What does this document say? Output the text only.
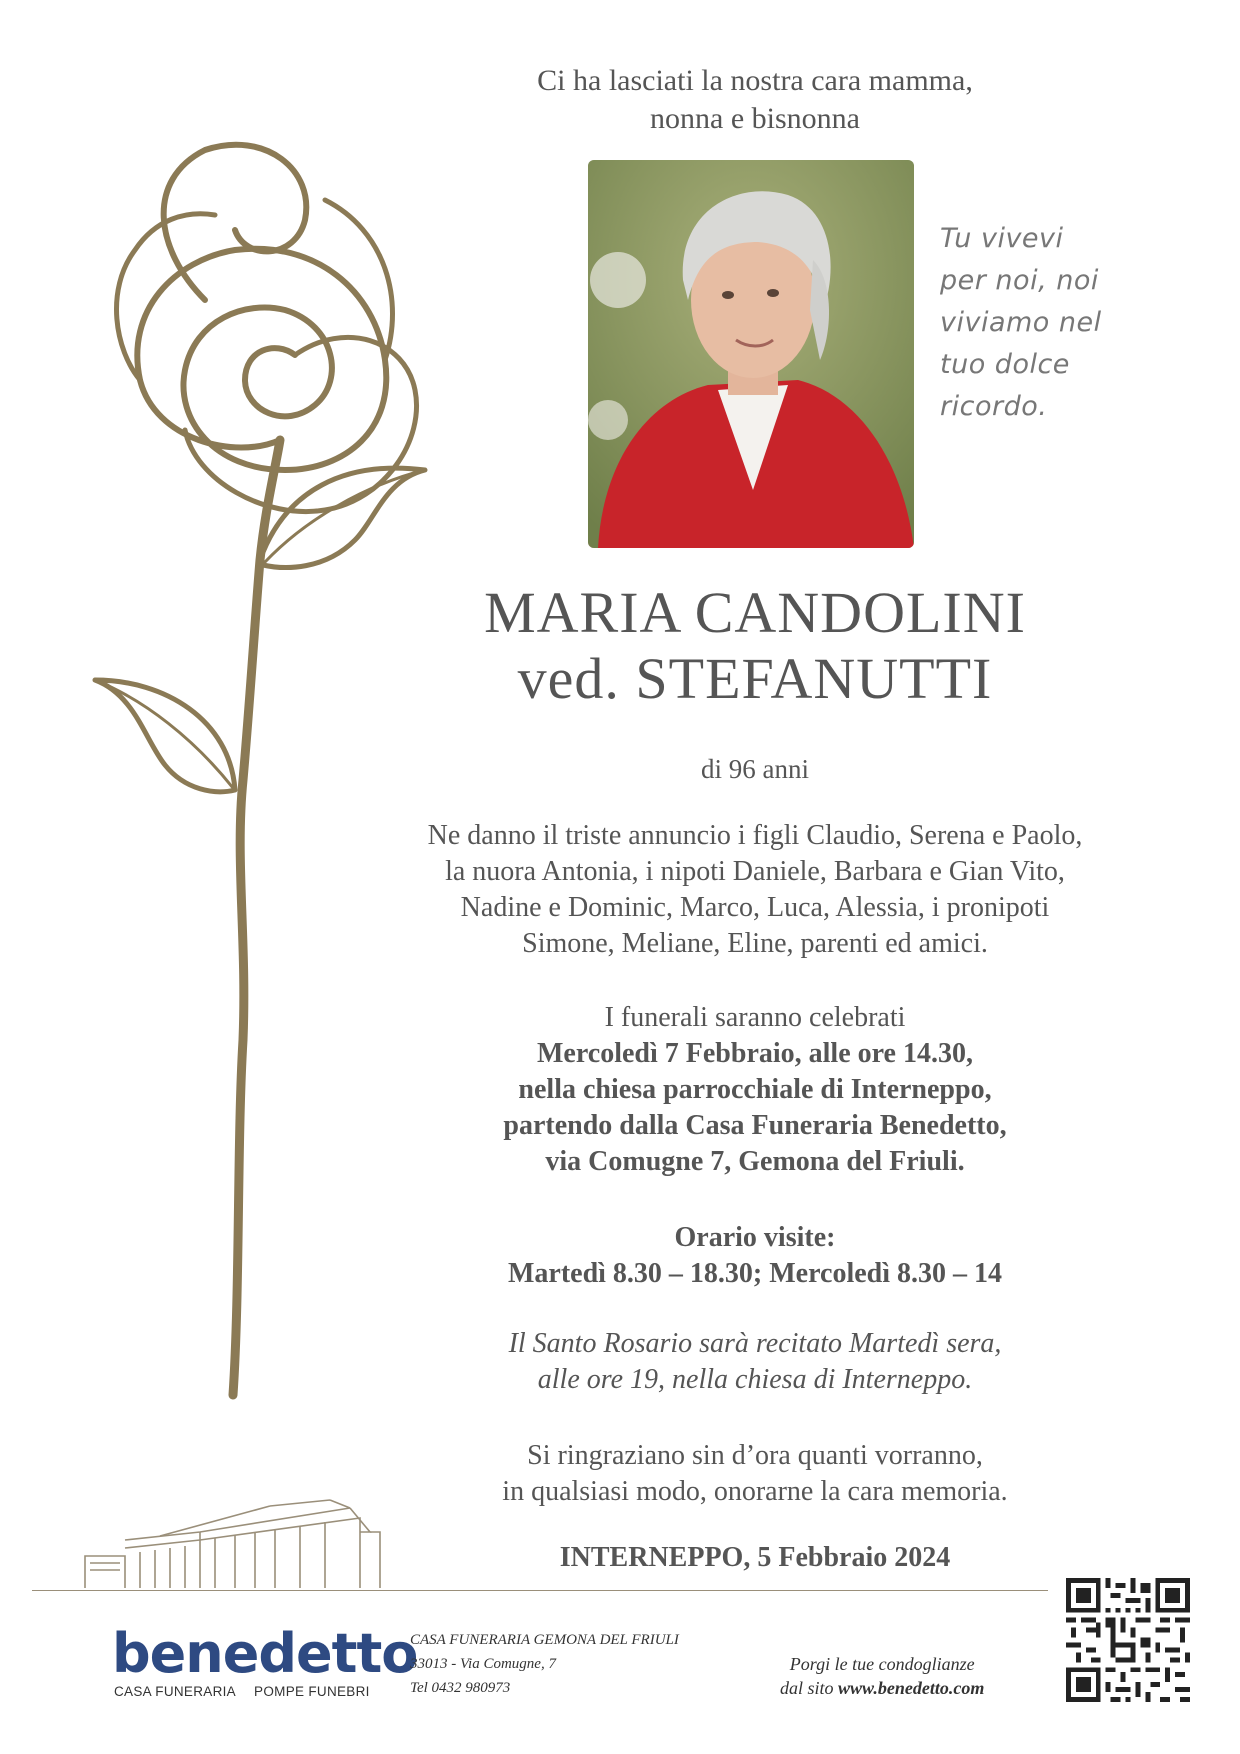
Ci ha lasciati la nostra cara mamma,
nonna e bisnonna
Tu vivevi
per noi, noi
viviamo nel
tuo dolce
ricordo.
MARIA CANDOLINI
ved. STEFANUTTI
di 96 anni
Ne danno il triste annuncio i figli Claudio, Serena e Paolo,
la nuora Antonia, i nipoti Daniele, Barbara e Gian Vito,
Nadine e Dominic, Marco, Luca, Alessia, i pronipoti
Simone, Meliane, Eline, parenti ed amici.
I funerali saranno celebrati
Mercoledì 7 Febbraio, alle ore 14.30,
nella chiesa parrocchiale di Interneppo,
partendo dalla Casa Funeraria Benedetto,
via Comugne 7, Gemona del Friuli.
Orario visite:
Martedì 8.30 – 18.30; Mercoledì 8.30 – 14
Il Santo Rosario sarà recitato Martedì sera,
alle ore 19, nella chiesa di Interneppo.
Si ringraziano sin d’ora quanti vorranno,
in qualsiasi modo, onorarne la cara memoria.
INTERNEPPO, 5 Febbraio 2024
benedetto
CASA FUNERARIA POMPE FUNEBRI
CASA FUNERARIA GEMONA DEL FRIULI
33013 - Via Comugne, 7
Tel 0432 980973
Porgi le tue condoglianze
dal sito www.benedetto.com
